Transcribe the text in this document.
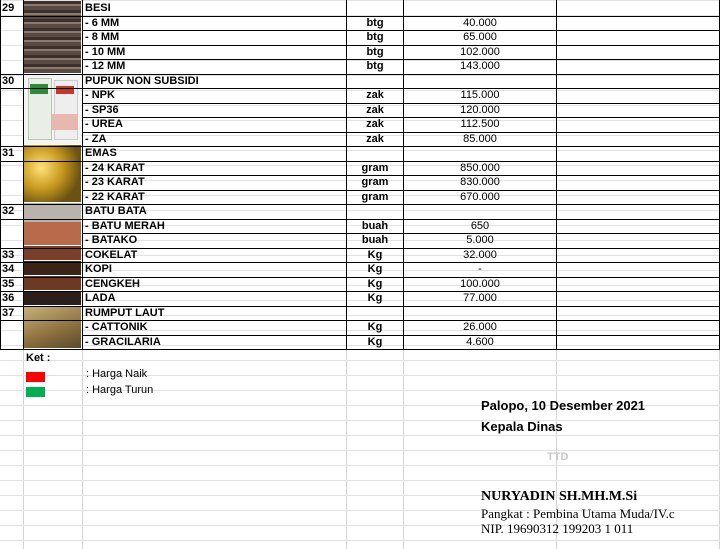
29	BESI
- 6 MM	btg	40.000
- 8 MM	btg	65.000
- 10 MM	btg	102.000
- 12 MM	btg	143.000
30	PUPUK NON SUBSIDI
- NPK	zak	115.000
- SP36	zak	120.000
- UREA	zak	112.500
- ZA	zak	85.000
31	EMAS
- 24 KARAT	gram	850.000
- 23 KARAT	gram	830.000
- 22 KARAT	gram	670.000
32	BATU BATA
- BATU MERAH	buah	650
- BATAKO	buah	5.000
33	COKELAT	Kg	32.000
34	KOPI	Kg	-
35	CENGKEH	Kg	100.000
36	LADA	Kg	77.000
37	RUMPUT LAUT
- CATTONIK	Kg	26.000
- GRACILARIA	Kg	4.600
Ket :
: Harga Naik
: Harga Turun
Palopo, 10 Desember 2021
Kepala Dinas
TTD
NURYADIN SH.MH.M.Si
Pangkat : Pembina Utama Muda/IV.c
NIP. 19690312 199203 1 011
